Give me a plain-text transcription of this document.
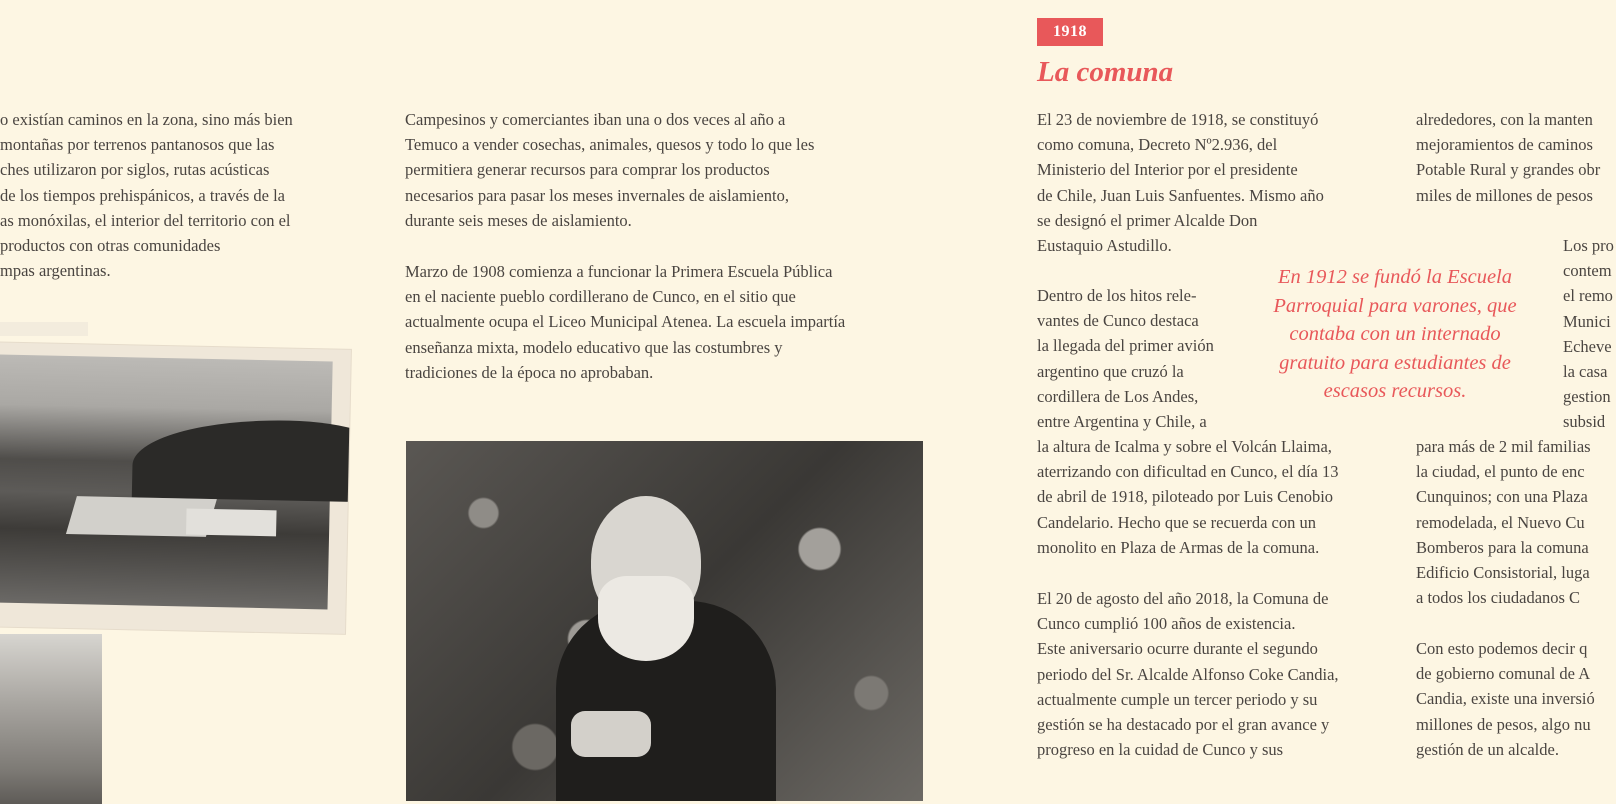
o existían caminos en la zona, sino más bien

montañas por terrenos pantanosos que las

ches utilizaron por siglos, rutas acústicas

de los tiempos prehispánicos, a través de la

as monóxilas, el interior del territorio con el

productos con otras comunidades

mpas argentinas.

Campesinos y comerciantes iban una o dos veces al año a

Temuco a vender cosechas, animales, quesos y todo lo que les

permitiera generar recursos para comprar los productos

necesarios para pasar los meses invernales de aislamiento,

durante seis meses de aislamiento.

Marzo de 1908 comienza a funcionar la Primera Escuela Pública

en el naciente pueblo cordillerano de Cunco, en el sitio que

actualmente ocupa el Liceo Municipal Atenea. La escuela impartía

enseñanza mixta, modelo educativo que las costumbres y

tradiciones de la época no aprobaban.

1918
La comuna

El 23 de noviembre de 1918, se constituyó

como comuna, Decreto Nº2.936, del

Ministerio del Interior por el presidente

de Chile, Juan Luis Sanfuentes. Mismo año

se designó el primer Alcalde Don

Eustaquio Astudillo.

Dentro de los hitos rele-

vantes de Cunco destaca

la llegada del primer avión

argentino que cruzó la

cordillera de Los Andes,

entre Argentina y Chile, a

la altura de Icalma y sobre el Volcán Llaima,

aterrizando con dificultad en Cunco, el día 13

de abril de 1918, piloteado por Luis Cenobio

Candelario. Hecho que se recuerda con un

monolito en Plaza de Armas de la comuna.

El 20 de agosto del año 2018, la Comuna de

Cunco cumplió 100 años de existencia.

Este aniversario ocurre durante el segundo

periodo del Sr. Alcalde Alfonso Coke Candia,

actualmente cumple un tercer periodo y su

gestión se ha destacado por el gran avance y

progreso en la cuidad de Cunco y sus

En 1912 se fundó la Escuela
Parroquial para varones, que
contaba con un internado
gratuito para estudiantes de
escasos recursos.

alrededores, con la manten

mejoramientos de caminos

Potable Rural y grandes obr

miles de millones de pesos

Los pro

contem

el remo

Munici

Echeve

la casa

gestion

subsid

para más de 2 mil familias

la ciudad, el punto de enc

Cunquinos; con una Plaza

remodelada, el Nuevo Cu

Bomberos para la comuna

Edificio Consistorial, luga

a todos los ciudadanos C

Con esto podemos decir q

de gobierno comunal de A

Candia, existe una inversió

millones de pesos, algo nu

gestión de un alcalde.
